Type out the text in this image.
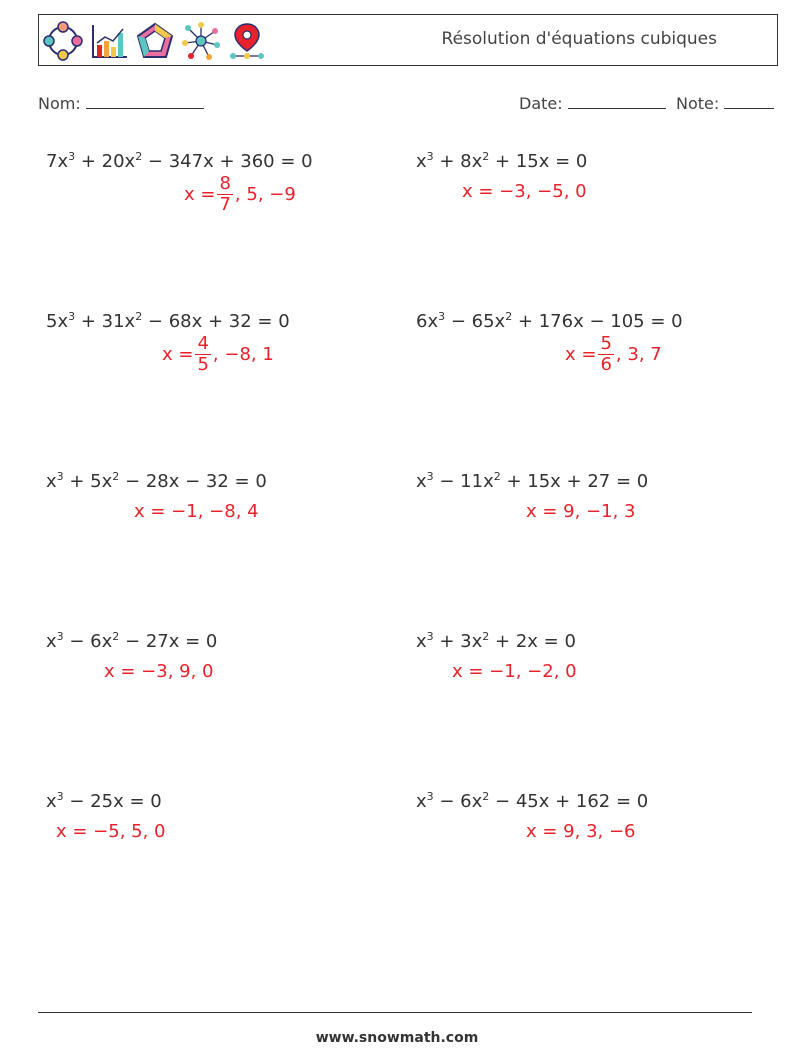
Résolution d'équations cubiques
Nom:	Date:	Note:
$7x^3 + 20x^2 - 347x + 360 = 0$
$x = \frac{8}{7}$ , 5, −9
$x^3 + 8x^2 + 15x = 0$
x = −3, −5, 0
$5x^3 + 31x^2 - 68x + 32 = 0$
$x = \frac{4}{5}$ , −8, 1
$6x^3 - 65x^2 + 176x - 105 = 0$
$x = \frac{5}{6}$ , 3, 7
$x^3 + 5x^2 - 28x - 32 = 0$
x = −1, −8, 4
$x^3 - 11x^2 + 15x + 27 = 0$
x = 9, −1, 3
$x^3 - 6x^2 - 27x = 0$
x = −3, 9, 0
$x^3 + 3x^2 + 2x = 0$
x = −1, −2, 0
$x^3 - 25x = 0$
x = −5, 5, 0
$x^3 - 6x^2 - 45x + 162 = 0$
x = 9, 3, −6
www.snowmath.com
